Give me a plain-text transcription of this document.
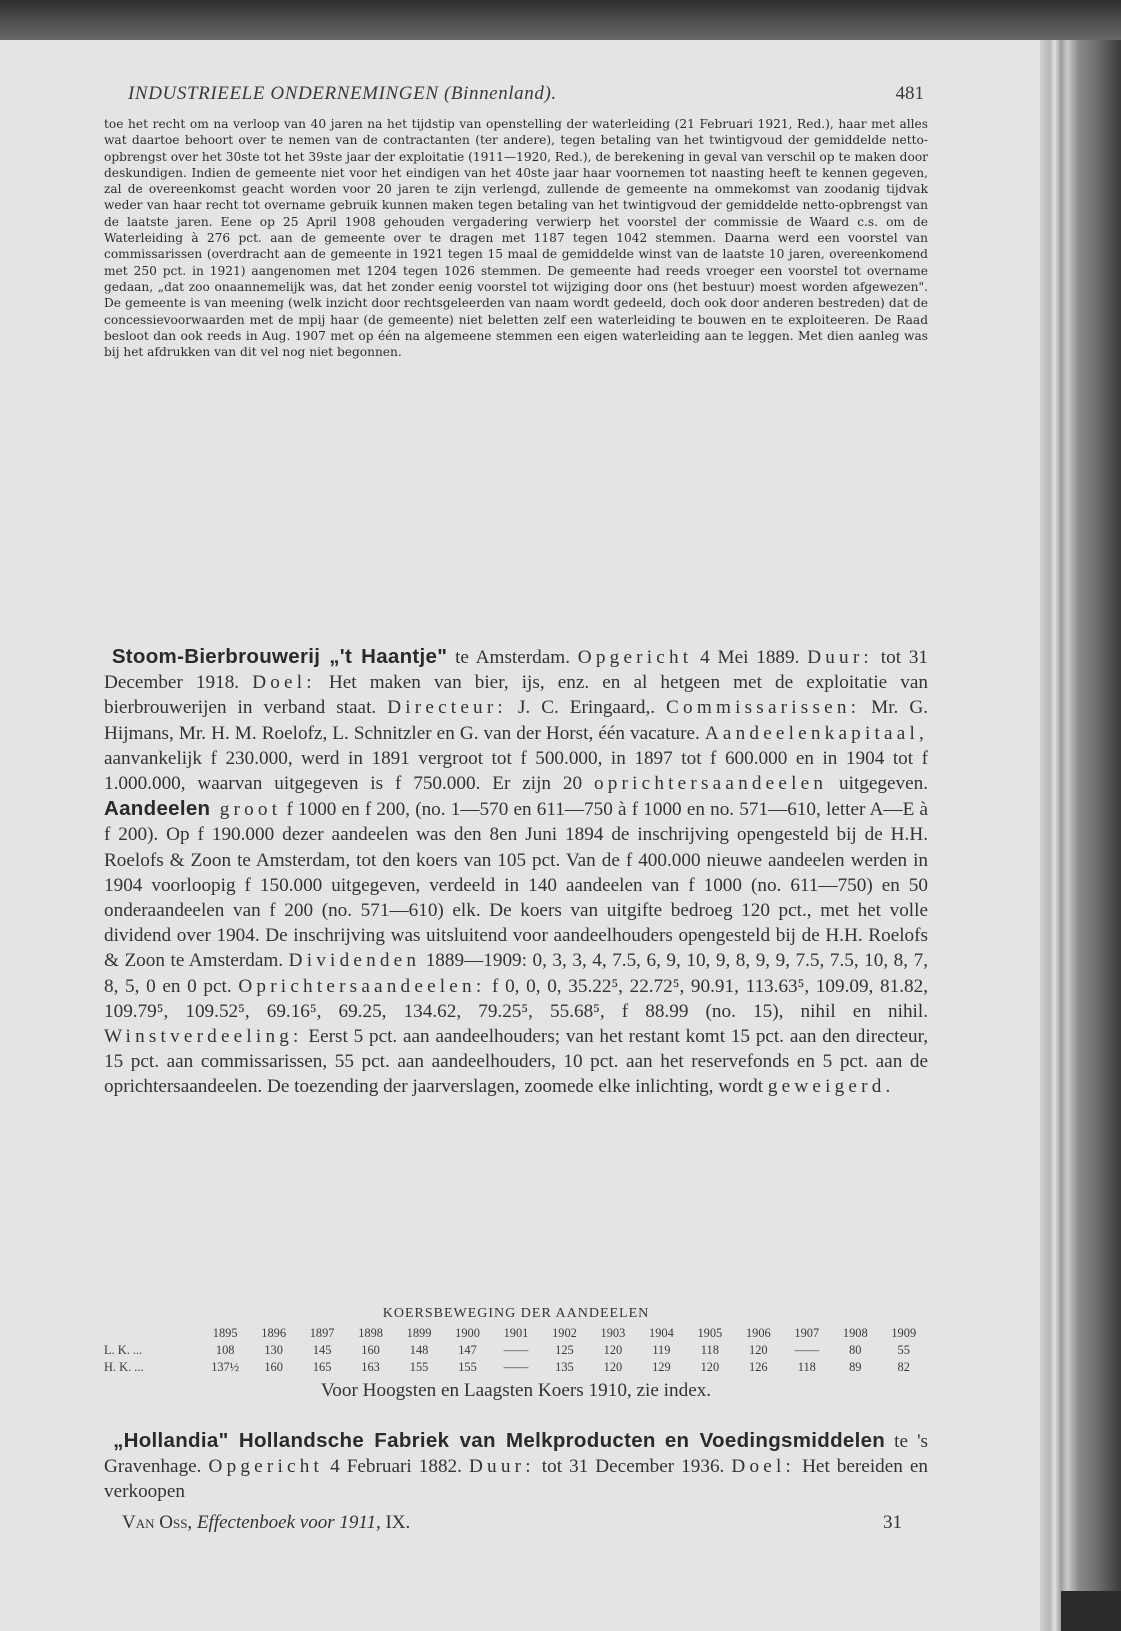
INDUSTRIEELE ONDERNEMINGEN (Binnenland).	481

toe het recht om na verloop van 40 jaren na het tijdstip van openstelling der waterleiding (21 Februari 1921, Red.), haar met alles wat daartoe behoort over te nemen van de contractanten (ter andere), tegen betaling van het twintigvoud der gemiddelde netto-opbrengst over het 30ste tot het 39ste jaar der exploitatie (1911—1920, Red.), de berekening in geval van verschil op te maken door deskundigen. Indien de gemeente niet voor het eindigen van het 40ste jaar haar voornemen tot naasting heeft te kennen gegeven, zal de overeenkomst geacht worden voor 20 jaren te zijn verlengd, zullende de gemeente na ommekomst van zoodanig tijdvak weder van haar recht tot overname gebruik kunnen maken tegen betaling van het twintigvoud der gemiddelde netto-opbrengst van de laatste jaren. Eene op 25 April 1908 gehouden vergadering verwierp het voorstel der commissie de Waard c.s. om de Waterleiding à 276 pct. aan de gemeente over te dragen met 1187 tegen 1042 stemmen. Daarna werd een voorstel van commissarissen (overdracht aan de gemeente in 1921 tegen 15 maal de gemiddelde winst van de laatste 10 jaren, overeenkomend met 250 pct. in 1921) aangenomen met 1204 tegen 1026 stemmen. De gemeente had reeds vroeger een voorstel tot overname gedaan, „dat zoo onaannemelijk was, dat het zonder eenig voorstel tot wijziging door ons (het bestuur) moest worden afgewezen". De gemeente is van meening (welk inzicht door rechtsgeleerden van naam wordt gedeeld, doch ook door anderen bestreden) dat de concessievoorwaarden met de mpij haar (de gemeente) niet beletten zelf een waterleiding te bouwen en te exploiteeren. De Raad besloot dan ook reeds in Aug. 1907 met op één na algemeene stemmen een eigen waterleiding aan te leggen. Met dien aanleg was bij het afdrukken van dit vel nog niet begonnen.

Stoom-Bierbrouwerij „'t Haantje" te Amsterdam. Opgericht 4 Mei 1889. Duur: tot 31 December 1918. Doel: Het maken van bier, ijs, enz. en al hetgeen met de exploitatie van bierbrouwerijen in verband staat. Directeur: J. C. Eringaard,. Commissarissen: Mr. G. Hijmans, Mr. H. M. Roelofz, L. Schnitzler en G. van der Horst, één vacature. Aandeelenkapitaal, aanvankelijk f 230.000, werd in 1891 vergroot tot f 500.000, in 1897 tot f 600.000 en in 1904 tot f 1.000.000, waarvan uitgegeven is f 750.000. Er zijn 20 oprichtersaandeelen uitgegeven. Aandeelen groot f 1000 en f 200, (no. 1—570 en 611—750 à f 1000 en no. 571—610, letter A—E à f 200). Op f 190.000 dezer aandeelen was den 8en Juni 1894 de inschrijving opengesteld bij de H.H. Roelofs & Zoon te Amsterdam, tot den koers van 105 pct. Van de f 400.000 nieuwe aandeelen werden in 1904 voorloopig f 150.000 uitgegeven, verdeeld in 140 aandeelen van f 1000 (no. 611—750) en 50 onderaandeelen van f 200 (no. 571—610) elk. De koers van uitgifte bedroeg 120 pct., met het volle dividend over 1904. De inschrijving was uitsluitend voor aandeelhouders opengesteld bij de H.H. Roelofs & Zoon te Amsterdam. Dividenden 1889—1909: 0, 3, 3, 4, 7.5, 6, 9, 10, 9, 8, 9, 9, 7.5, 7.5, 10, 8, 7, 8, 5, 0 en 0 pct. Oprichtersaandeelen: f 0, 0, 0, 35.22⁵, 22.72⁵, 90.91, 113.63⁵, 109.09, 81.82, 109.79⁵, 109.52⁵, 69.16⁵, 69.25, 134.62, 79.25⁵, 55.68⁵, f 88.99 (no. 15), nihil en nihil. Winstverdeeling: Eerst 5 pct. aan aandeelhouders; van het restant komt 15 pct. aan den directeur, 15 pct. aan commissarissen, 55 pct. aan aandeelhouders, 10 pct. aan het reservefonds en 5 pct. aan de oprichtersaandeelen. De toezending der jaarverslagen, zoomede elke inlichting, wordt geweigerd.

KOERSBEWEGING DER AANDEELEN
	1895	1896	1897	1898	1899	1900	1901	1902	1903	1904	1905	1906	1907	1908	1909
L. K. ...	108	130	145	160	148	147	——	125	120	119	118	120	——	80	55
H. K. ...	137½	160	165	163	155	155	——	135	120	129	120	126	118	89	82
Voor Hoogsten en Laagsten Koers 1910, zie index.

„Hollandia" Hollandsche Fabriek van Melkproducten en Voedingsmiddelen te 's Gravenhage. Opgericht 4 Februari 1882. Duur: tot 31 December 1936. Doel: Het bereiden en verkoopen

Van Oss, Effectenboek voor 1911, IX.	31
